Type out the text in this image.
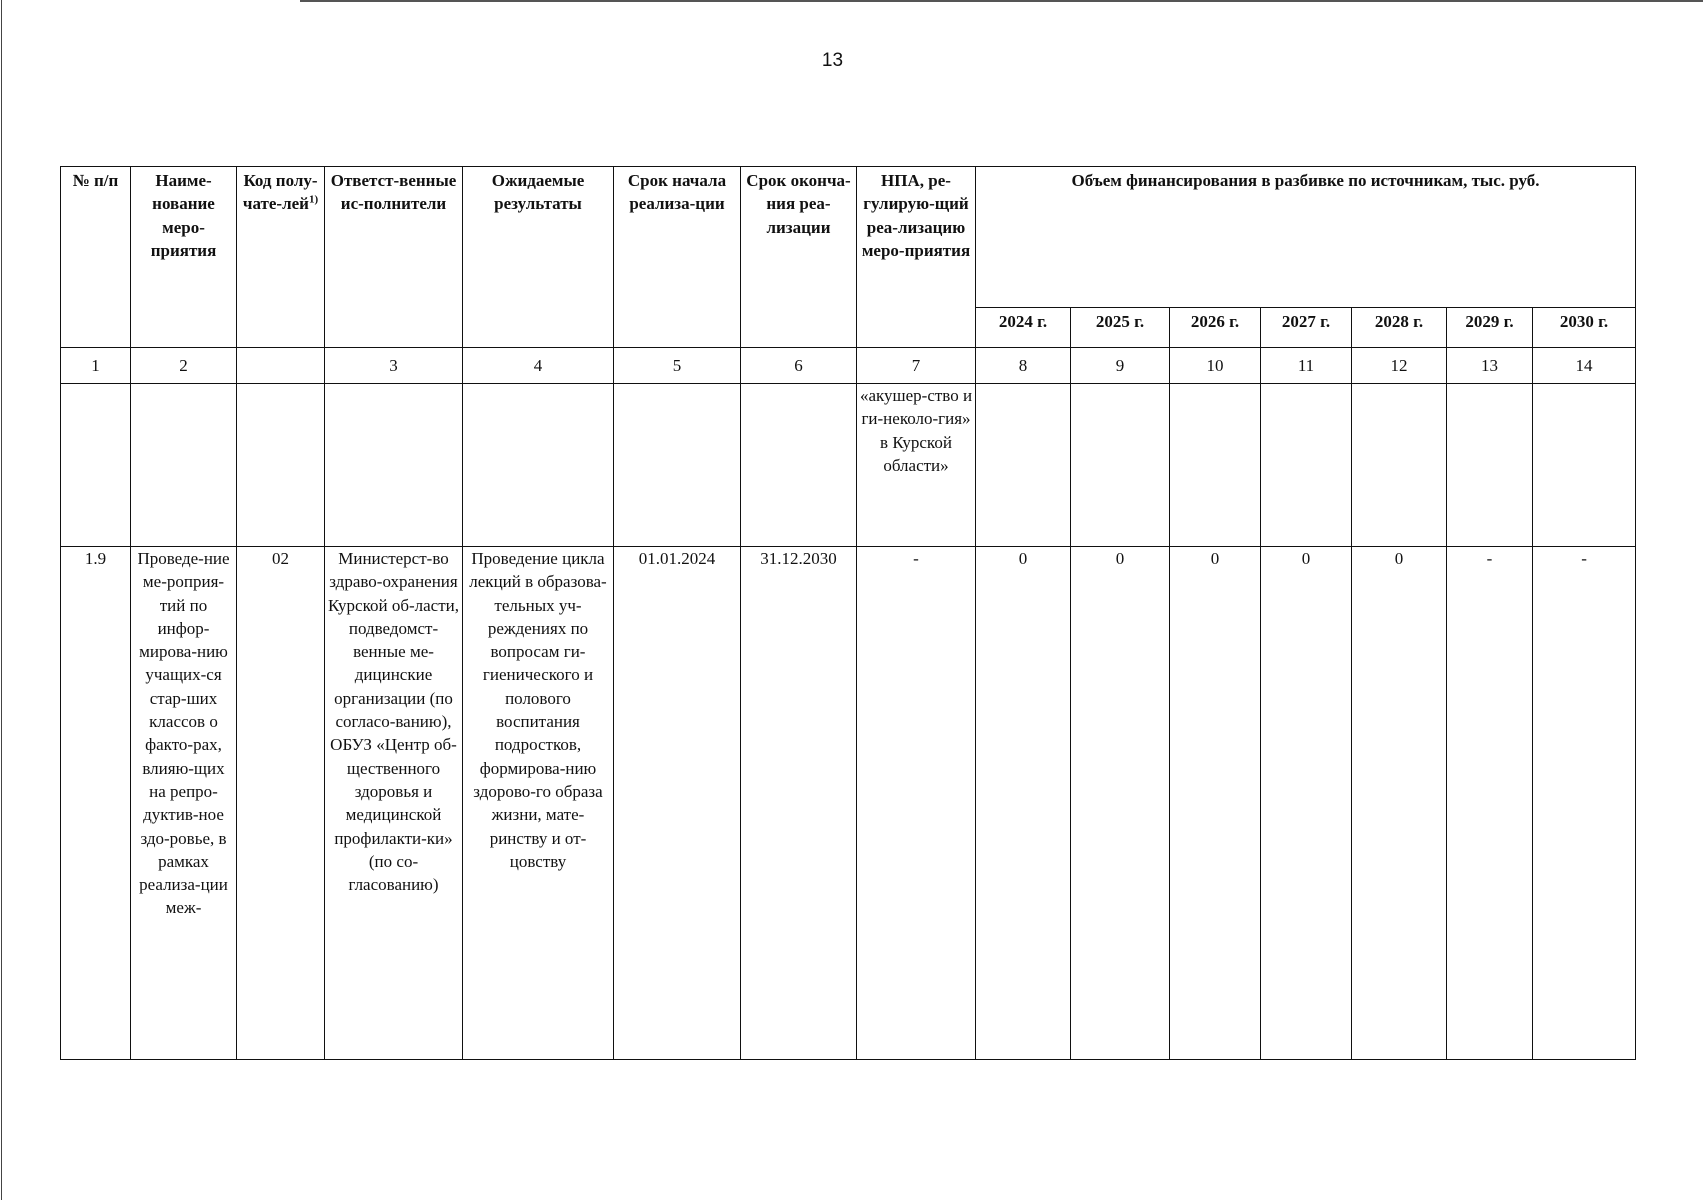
13
№ п/п	Наиме-нование меро-приятия	Код полу-чате-лей$^{1)}$	Ответст-венные ис-полнители	Ожидаемые результаты	Срок начала реализа-ции	Срок оконча-ния реа-лизации	НПА, ре-гулирую-щий реа-лизацию меро-приятия	Объем финансирования в разбивке по источникам, тыс. руб.						
								2024 г.	2025 г.	2026 г.	2027 г.	2028 г.	2029 г.	2030 г.
1	2		3	4	5	6	7	8	9	10	11	12	13	14
							«акушер-ство и ги-неколо-гия» в Курской области»							
1.9	Проведе-ние ме-роприя-тий по инфор-мирова-нию учащих-ся стар-ших классов о факто-рах, влияю-щих на репро-дуктив-ное здо-ровье, в рамках реализа-ции меж-	02	Министерст-во здраво-охранения Курской об-ласти, подведомст-венные ме-дицинские организации (по согласо-ванию), ОБУЗ «Центр об-щественного здоровья и медицинской профилакти-ки» (по со-гласованию)	Проведение цикла лекций в образова-тельных уч-реждениях по вопросам ги-гиенического и полового воспитания подростков, формирова-нию здорово-го образа жизни, мате-ринству и от-цовству	01.01.2024	31.12.2030	-	0	0	0	0	0	-	-
